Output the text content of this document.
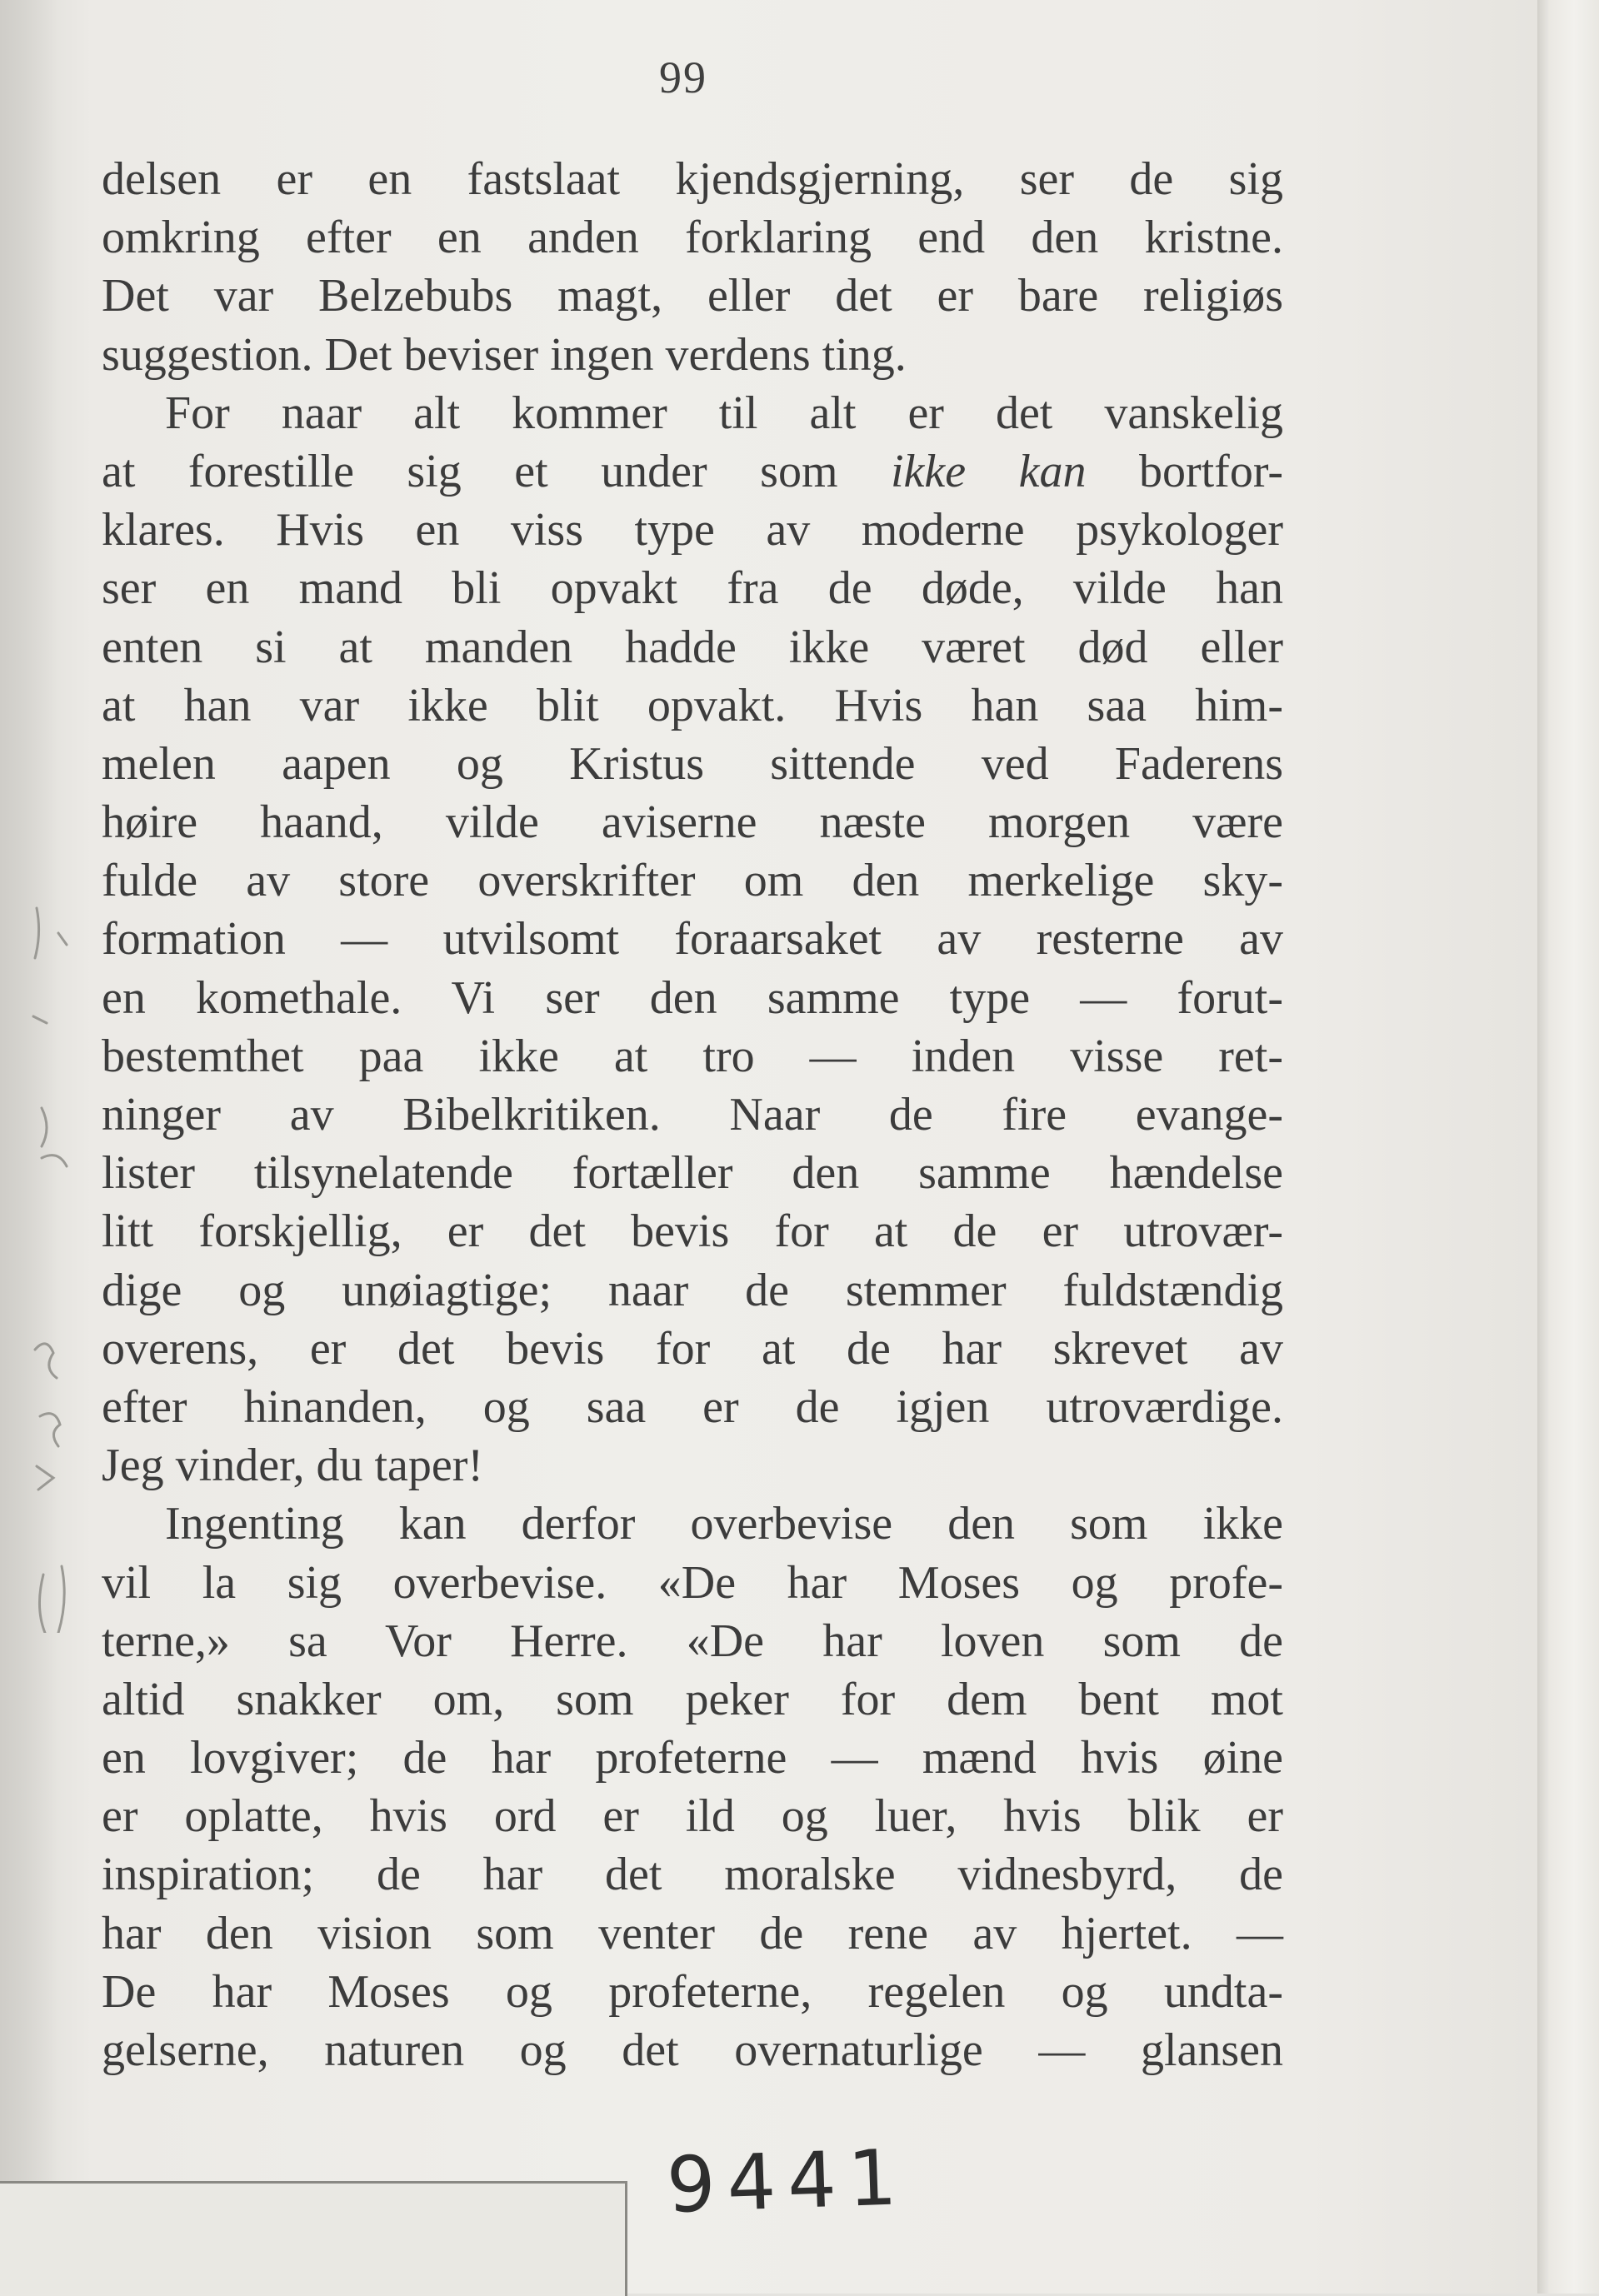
99
delsen er en fastslaat kjendsgjerning, ser de sig
omkring efter en anden forklaring end den kristne.
Det var Belzebubs magt, eller det er bare religiøs
suggestion. Det beviser ingen verdens ting.
For naar alt kommer til alt er det vanskelig
at forestille sig et under som ikke kan bortfor-
klares. Hvis en viss type av moderne psykologer
ser en mand bli opvakt fra de døde, vilde han
enten si at manden hadde ikke været død eller
at han var ikke blit opvakt. Hvis han saa him-
melen aapen og Kristus sittende ved Faderens
høire haand, vilde aviserne næste morgen være
fulde av store overskrifter om den merkelige sky-
formation — utvilsomt foraarsaket av resterne av
en komethale. Vi ser den samme type — forut-
bestemthet paa ikke at tro — inden visse ret-
ninger av Bibelkritiken. Naar de fire evange-
lister tilsynelatende fortæller den samme hændelse
litt forskjellig, er det bevis for at de er utrovær-
dige og unøiagtige; naar de stemmer fuldstændig
overens, er det bevis for at de har skrevet av
efter hinanden, og saa er de igjen utroværdige.
Jeg vinder, du taper!
Ingenting kan derfor overbevise den som ikke
vil la sig overbevise. «De har Moses og profe-
terne,» sa Vor Herre. «De har loven som de
altid snakker om, som peker for dem bent mot
en lovgiver; de har profeterne — mænd hvis øine
er oplatte, hvis ord er ild og luer, hvis blik er
inspiration; de har det moralske vidnesbyrd, de
har den vision som venter de rene av hjertet. —
De har Moses og profeterne, regelen og undta-
gelserne, naturen og det overnaturlige — glansen
9441
